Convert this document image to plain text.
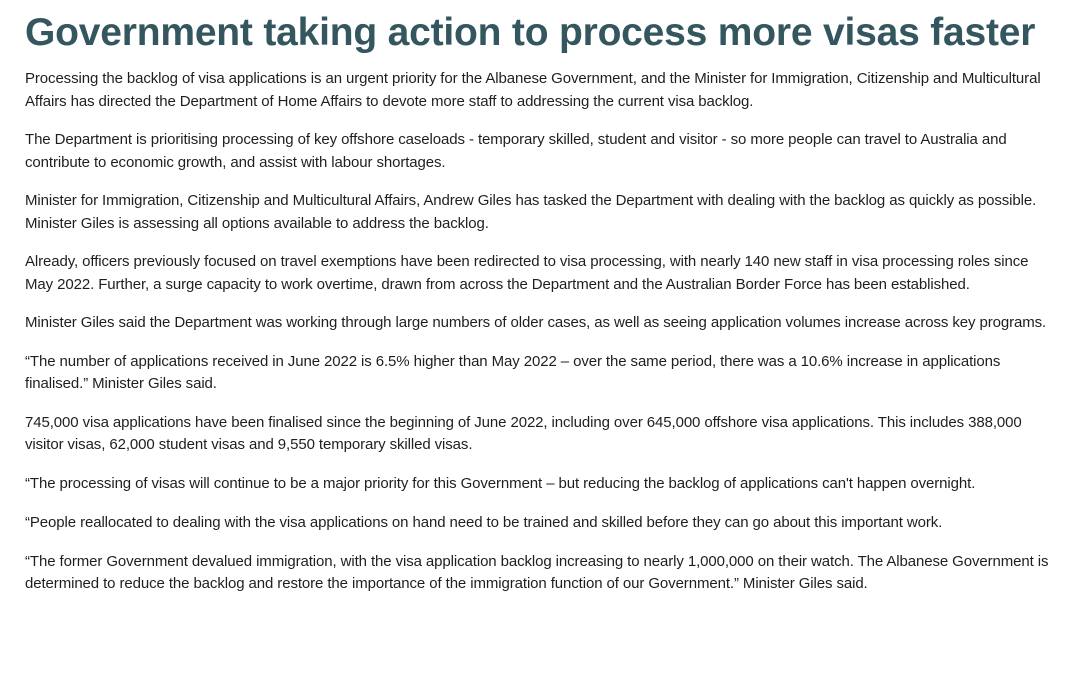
Government taking action to process more visas faster

Processing the backlog of visa applications is an urgent priority for the Albanese Government, and the Minister for Immigration, Citizenship and Multicultural Affairs has directed the Department of Home Affairs to devote more staff to addressing the current visa backlog.

The Department is prioritising processing of key offshore caseloads - temporary skilled, student and visitor - so more people can travel to Australia and contribute to economic growth, and assist with labour shortages.

Minister for Immigration, Citizenship and Multicultural Affairs, Andrew Giles has tasked the Department with dealing with the backlog as quickly as possible. Minister Giles is assessing all options available to address the backlog.

Already, officers previously focused on travel exemptions have been redirected to visa processing, with nearly 140 new staff in visa processing roles since May 2022. Further, a surge capacity to work overtime, drawn from across the Department and the Australian Border Force has been established.

Minister Giles said the Department was working through large numbers of older cases, as well as seeing application volumes increase across key programs.

“The number of applications received in June 2022 is 6.5% higher than May 2022 – over the same period, there was a 10.6% increase in applications finalised.” Minister Giles said.

745,000 visa applications have been finalised since the beginning of June 2022, including over 645,000 offshore visa applications. This includes 388,000 visitor visas, 62,000 student visas and 9,550 temporary skilled visas.

“The processing of visas will continue to be a major priority for this Government – but reducing the backlog of applications can't happen overnight.

“People reallocated to dealing with the visa applications on hand need to be trained and skilled before they can go about this important work.

“The former Government devalued immigration, with the visa application backlog increasing to nearly 1,000,000 on their watch. The Albanese Government is determined to reduce the backlog and restore the importance of the immigration function of our Government.” Minister Giles said.
